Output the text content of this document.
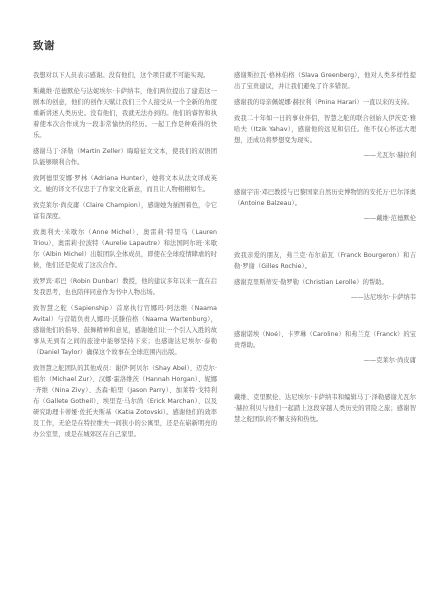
致谢

我想对以下人员表示感谢。没有他们，这个项目就不可能实现。

斯戴维·范德默伦与达妮埃尔·卡萨纳韦，他们两位提出了建造这一剧本的创意，他们的创作天赋让我们三个人接受从一个全新的角度重新讲述人类历史。没有他们，我就无法办到的。他们的睿智和执着使本次合作成为一段非常愉快的经历。一起工作是种难得的快乐。

感谢马丁·泽勒（Martin Zeller）晦暗征文文本，使我们的双语团队能够顺利合作。

致阿德里安娜·罗林（Adriana Hunter），她将文本从法文译成英文。她的译文不仅忠于了作家文化新意，而且让人物栩栩如生。

致克莱尔·尚皮庸（Claire Champion），感谢她为插图着色，令它富有深度。

致奥利夫·米歇尔（Anne Michel）、奥雷莉·特里乌（Lauren Triou）、奥雷莉·拉波特（Aurelie Lapautre）和法国阿尔班·米歇尔（Albin Michel）出版团队全体成员，即使在全球疫情肆虐的时候，他们还是促成了这次合作。

致罗宾·邓巴（Robin Dunbar）教授，他的建议多年以来一直在启发我思考，也也陪伴同意作为书中人物出场。

致智慧之舵（Sapienship）首席执行官娜玛·阿法维（Naama Avital）与营销负责人娜玛·沃滕伯格（Naama Wartenburg），感谢他们的指导、鼓舞精神和意见，感谢她们让一个引人入胜的故事从无到有之间的旅途中能够坚持下来；也感谢达尼埃尔·泰勒（Daniel Taylor）确保这个故事在全球范围内出版。

致智慧之舵团队的其他成员：谢伊·阿贝尔（Shay Abel）、迈克尔·祖尔（Michael Zur）、汉娜·霍洛维茨（Hannah Horgan）、妮娜·齐维（Nina Zivy）、杰森·帕里（Jason Parry）、加莱特·戈特利布（Gallete Gotheil）、埃里克·马尔尚（Erick Marchan）、以及研究助理卡蒂娅·佐托夫斯基（Katia Zotovski）。感谢他们的效率及工作，无论是在特拉维夫一间狭小的公寓里，还是在崭新明亮的办公室里，或是在城郊区在自己家里。

感谢斯拉瓦·格林伯格（Slava Greenberg），他对人类多样性提出了宝贵建议，并让我们避免了许多错误。

感谢我的母亲佩妮娜·赫拉利（Pnina Harari）一直以来的支持。

致我二十年如一日的事业伴侣，智慧之舵的联合创始人伊茨克·雅哈夫（Itzik Yahav），感谢他的远见和信任。他不仅心怀远大理想，还成功将梦想变为现实。

——尤瓦尔·赫拉利

感谢宇宙·邓巴教授与巴黎国家自然历史博物馆的安托万·巴尔泽奥（Antoine Balzeau）。

——戴维·范德默伦

致我亲爱的朋友，弗兰克·布尔茹瓦（Franck Bourgeron）和吉勒·罗谢（Gilles Rochie）。

感谢克里斯蒂安·勒罗勒（Christian Lerolle）的帮助。

——达尼埃尔·卡萨纳韦

感谢诺埃（Noé）、卡罗琳（Caroline）和弗兰克（Franck）的宝贵帮助。

——克莱尔·尚皮庸

戴维、克里默伦、达尼埃尔·卡萨纳韦和编辑马丁·泽勒感谢尤瓦尔·赫拉利贝与他们一起踏上这段穿越人类历史的冒险之旅；感谢智慧之舵团队的不懈支持和热忱。
